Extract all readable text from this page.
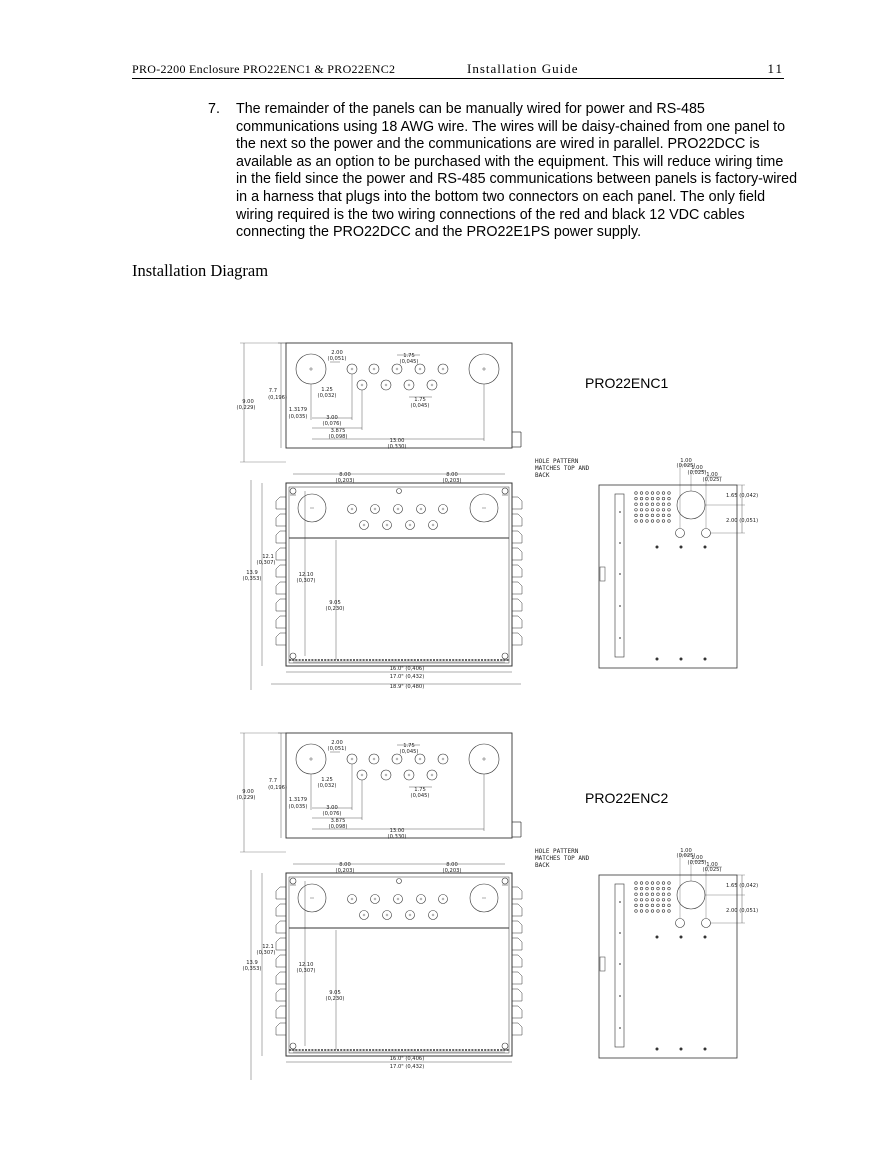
PRO-2200 Enclosure PRO22ENC1 & PRO22ENC2	Installation Guide	11
7. The remainder of the panels can be manually wired for power and RS-485 communications using 18 AWG wire. The wires will be daisy-chained from one panel to the next so the power and the communications are wired in parallel. PRO22DCC is available as an option to be purchased with the equipment. This will reduce wiring time in the field since the power and RS-485 communications between panels is factory-wired in a harness that plugs into the bottom two connectors on each panel. The only field wiring required is the two wiring connections of the red and black 12 VDC cables connecting the PRO22DCC and the PRO22E1PS power supply.
Installation Diagram
PRO22ENC1
PRO22ENC2
2.00
(0,051)	1.75
(0,045)
1.25
(0,032)
1.75
(0,045)
1.3179
(0,035)	3.00
(0,076)
3.875
(0,098)
13.00
(0,330)
7.7
(0,196)
9.00
(0,229)
8.00
(0,203)
8.00
(0,203)
12.1
(0,307)
13.9
(0,353)
12.10
(0,307)
9.05
(0,230)
16.0" (0,406)
17.0" (0,432)
18.9" (0,480)
HOLE PATTERN
MATCHES TOP AND
BACK
1.00
(0,025)
1.00
(0,025) 1.00
(0,025)
1.65 (0,042)
2.00 (0,051)
2.00
(0,051)	1.75
(0,045)
1.25
(0,032)
1.75
(0,045)
1.3179
(0,035)	3.00
(0,076)
3.875
(0,098)
13.00
(0,330)
7.7
(0,196)
9.00
(0,229)
8.00
(0,203)
8.00
(0,203)
12.1
(0,307)
13.9
(0,353)
12.10
(0,307)
9.05
(0,230)
16.0" (0,406)
17.0" (0,432)
HOLE PATTERN
MATCHES TOP AND
BACK
1.00
(0,025)
1.00
(0,025) 1.00
(0,025)
1.65 (0,042)
2.00 (0,051)
